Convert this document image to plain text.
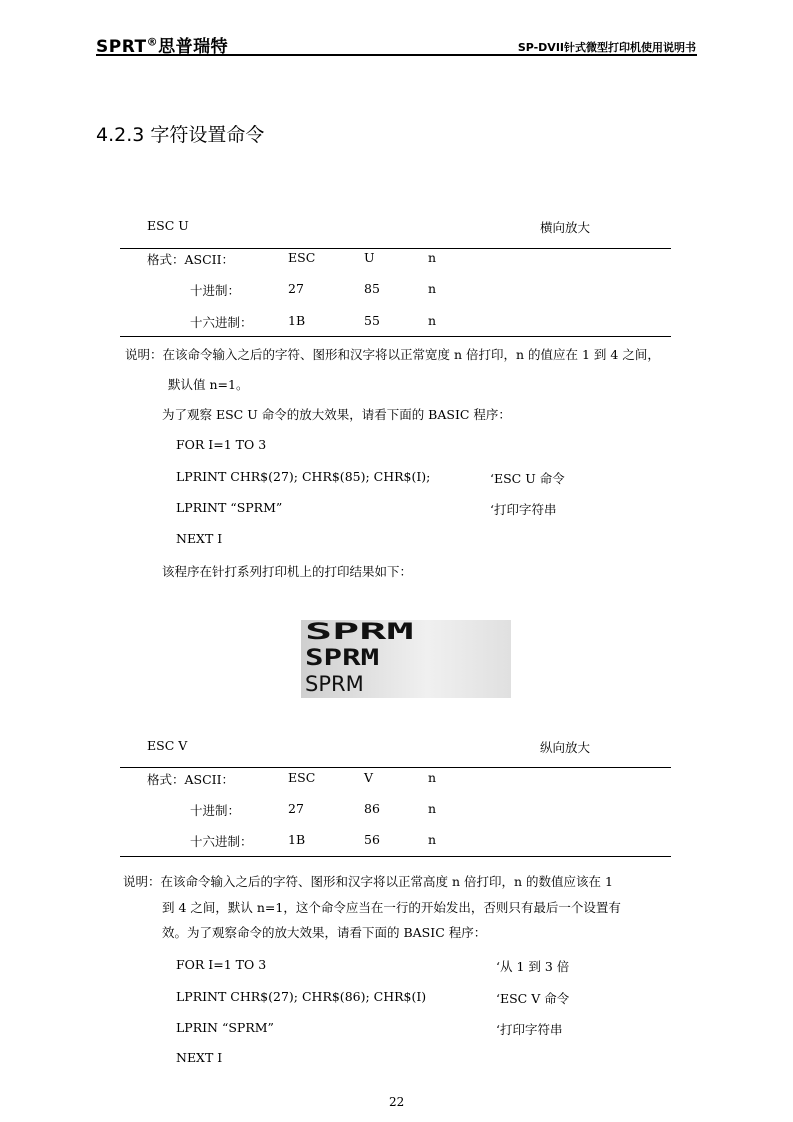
SPRT®思普瑞特	SP-DVII针式微型打印机使用说明书
4.2.3 字符设置命令
ESC U	横向放大
格式：ASCII：	ESC	U	n
十进制：	27	85	n
十六进制：	1B	55	n
说明：在该命令输入之后的字符、图形和汉字将以正常宽度 n 倍打印，n 的值应在 1 到 4 之间，
默认值 n=1。
为了观察 ESC U 命令的放大效果，请看下面的 BASIC 程序：
FOR I=1 TO 3
LPRINT CHR$(27); CHR$(85); CHR$(I);	‘ESC U 命令
LPRINT “SPRM”	‘打印字符串
NEXT I
该程序在针打系列打印机上的打印结果如下：
SPRM
SPRM
SPRM
ESC V	纵向放大
格式：ASCII：	ESC	V	n
十进制：	27	86	n
十六进制：	1B	56	n
说明：在该命令输入之后的字符、图形和汉字将以正常高度 n 倍打印，n 的数值应该在 1
到 4 之间，默认 n=1，这个命令应当在一行的开始发出，否则只有最后一个设置有
效。为了观察命令的放大效果，请看下面的 BASIC 程序：
FOR I=1 TO 3	‘从 1 到 3 倍
LPRINT CHR$(27); CHR$(86); CHR$(I)	‘ESC V 命令
LPRIN “SPRM”	‘打印字符串
NEXT I
22
